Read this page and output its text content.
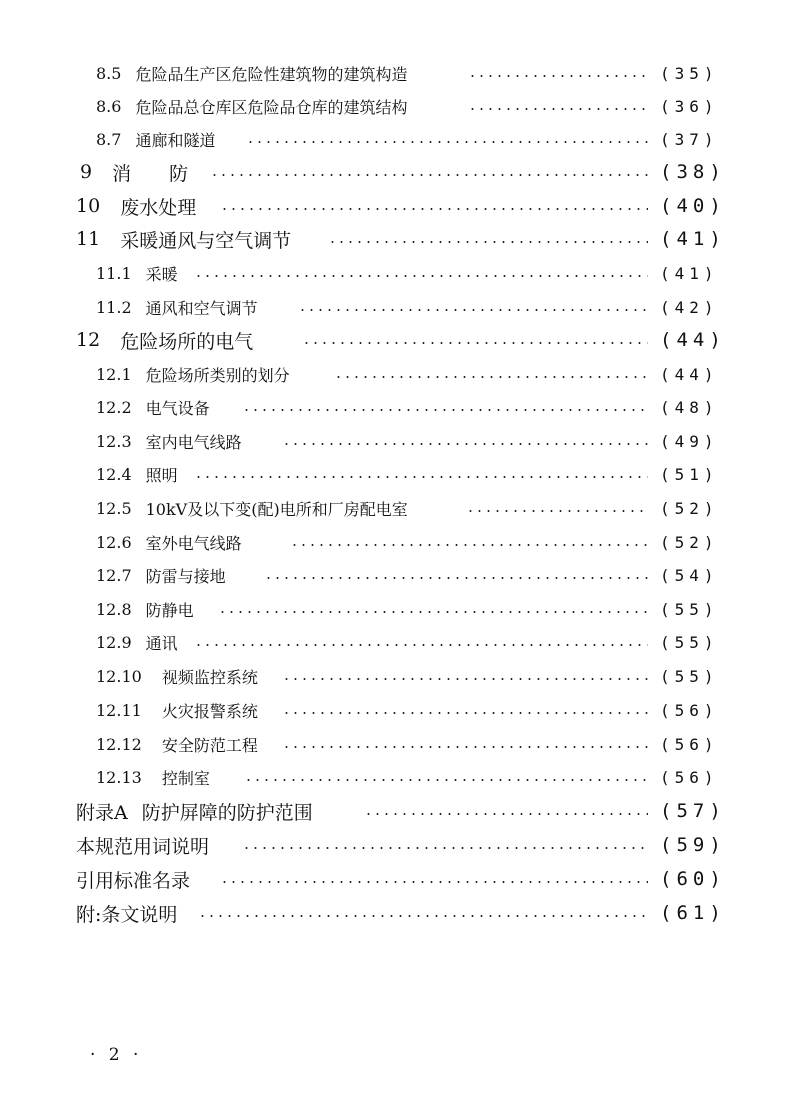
8.5 危险品生产区危险性建筑物的建筑构造	(35)
8.6 危险品总仓库区危险品仓库的建筑结构	(36)
8.7 通廊和隧道	(37)
9 消　　防	(38)
10 废水处理	(40)
11 采暖通风与空气调节	(41)
11.1 采暖	(41)
11.2 通风和空气调节	(42)
12 危险场所的电气	(44)
12.1 危险场所类别的划分	(44)
12.2 电气设备	(48)
12.3 室内电气线路	(49)
12.4 照明	(51)
12.5 10kV及以下变(配)电所和厂房配电室	(52)
12.6 室外电气线路	(52)
12.7 防雷与接地	(54)
12.8 防静电	(55)
12.9 通讯	(55)
12.10 视频监控系统	(55)
12.11 火灾报警系统	(56)
12.12 安全防范工程	(56)
12.13 控制室	(56)
附录A 防护屏障的防护范围	(57)
本规范用词说明	(59)
引用标准名录	(60)
附:条文说明	(61)
· 2 ·
